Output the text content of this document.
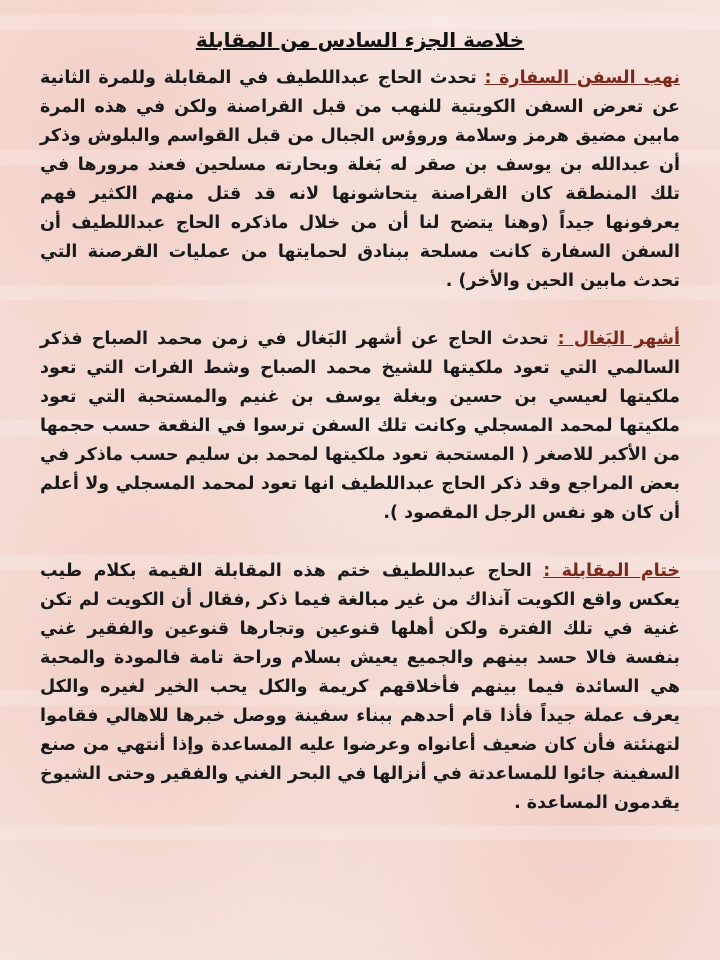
خلاصة الجزء السادس من المقابلة

نهب السفن السفارة : تحدث الحاج عبداللطيف في المقابلة وللمرة الثانية عن تعرض السفن الكويتية للنهب من قبل القراصنة ولكن في هذه المرة مابين مضيق هرمز وسلامة وروؤس الجبال من قبل القواسم والبلوش وذكر أن عبدالله بن يوسف بن صقر له بَغلة وبحارته مسلحين فعند مرورها في تلك المنطقة كان القراصنة يتحاشونها لانه قد قتل منهم الكثير فهم يعرفونها جيداً (وهنا يتضح لنا أن من خلال ماذكره الحاج عبداللطيف أن السفن السفارة كانت مسلحة ببنادق لحمايتها من عمليات القرصنة التي تحدث مابين الحين والأخر) .

أشهر البَغال : تحدث الحاج عن أشهر البَغال في زمن محمد الصباح فذكر السالمي التي تعود ملكيتها للشيخ محمد الصباح وشط الفرات التي تعود ملكيتها لعيسي بن حسين وبغلة يوسف بن غنيم والمستحبة التي تعود ملكيتها لمحمد المسجلي وكانت تلك السفن ترسوا في النقعة حسب حجمها من الأكبر للاصغر ( المستحبة تعود ملكيتها لمحمد بن سليم حسب ماذكر في بعض المراجع وقد ذكر الحاج عبداللطيف انها تعود لمحمد المسجلي ولا أعلم أن كان هو نفس الرجل المقصود ).

ختام المقابلة : الحاج عبداللطيف ختم هذه المقابلة القيمة بكلام طيب يعكس واقع الكويت آنذاك من غير مبالغة فيما ذكر ,فقال أن الكويت لم تكن غنية في تلك الفترة ولكن أهلها قنوعين وتجارها قنوعين والفقير غني بنفسة فالا حسد بينهم والجميع يعيش بسلام وراحة تامة فالمودة والمحبة هي السائدة فيما بينهم فأخلاقهم كريمة والكل يحب الخير لغيره والكل يعرف عملة جيداً فأذا قام أحدهم ببناء سفينة ووصل خبرها للاهالي فقاموا لتهنئتة فأن كان ضعيف أعانواه وعرضوا عليه المساعدة وإذا أنتهي من صنع السفينة جائوا للمساعدتة في أنزالها في البحر الغني والفقير وحتى الشيوخ يقدمون المساعدة .
